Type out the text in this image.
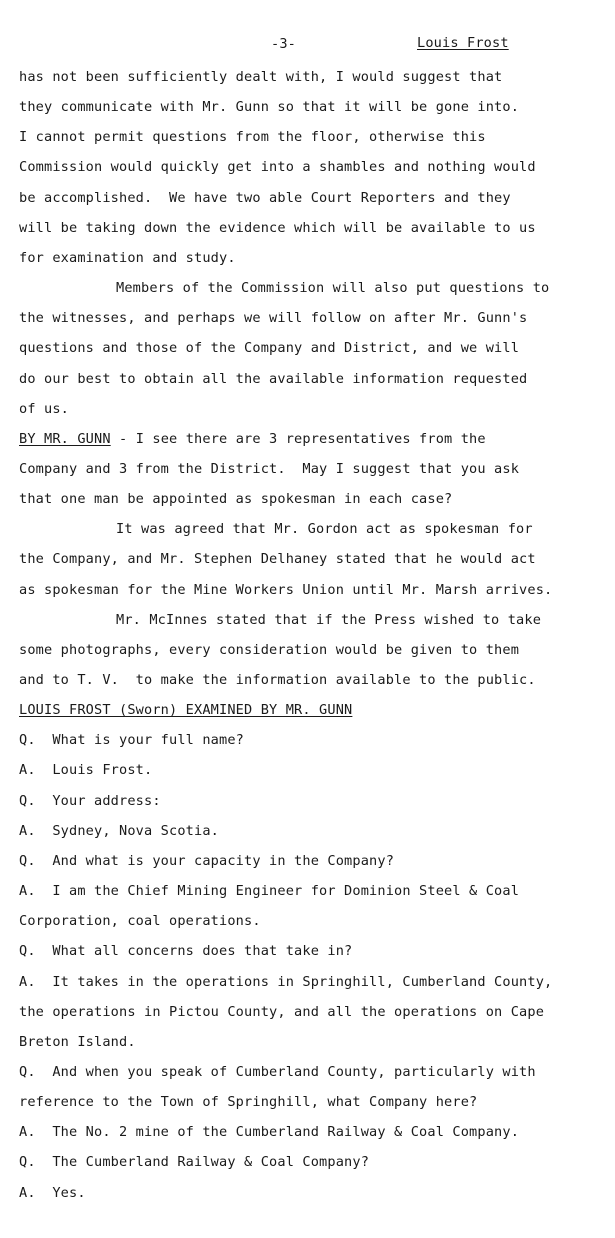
-3-	Louis Frost
has not been sufficiently dealt with, I would suggest that
they communicate with Mr. Gunn so that it will be gone into.
I cannot permit questions from the floor, otherwise this
Commission would quickly get into a shambles and nothing would
be accomplished.  We have two able Court Reporters and they
will be taking down the evidence which will be available to us
for examination and study.
Members of the Commission will also put questions to
the witnesses, and perhaps we will follow on after Mr. Gunn's
questions and those of the Company and District, and we will
do our best to obtain all the available information requested
of us.
BY MR. GUNN - I see there are 3 representatives from the
Company and 3 from the District.  May I suggest that you ask
that one man be appointed as spokesman in each case?
It was agreed that Mr. Gordon act as spokesman for
the Company, and Mr. Stephen Delhaney stated that he would act
as spokesman for the Mine Workers Union until Mr. Marsh arrives.
Mr. McInnes stated that if the Press wished to take
some photographs, every consideration would be given to them
and to T. V.  to make the information available to the public.
LOUIS FROST (Sworn) EXAMINED BY MR. GUNN
Q.  What is your full name?
A.  Louis Frost.
Q.  Your address:
A.  Sydney, Nova Scotia.
Q.  And what is your capacity in the Company?
A.  I am the Chief Mining Engineer for Dominion Steel & Coal
Corporation, coal operations.
Q.  What all concerns does that take in?
A.  It takes in the operations in Springhill, Cumberland County,
the operations in Pictou County, and all the operations on Cape
Breton Island.
Q.  And when you speak of Cumberland County, particularly with
reference to the Town of Springhill, what Company here?
A.  The No. 2 mine of the Cumberland Railway & Coal Company.
Q.  The Cumberland Railway & Coal Company?
A.  Yes.
